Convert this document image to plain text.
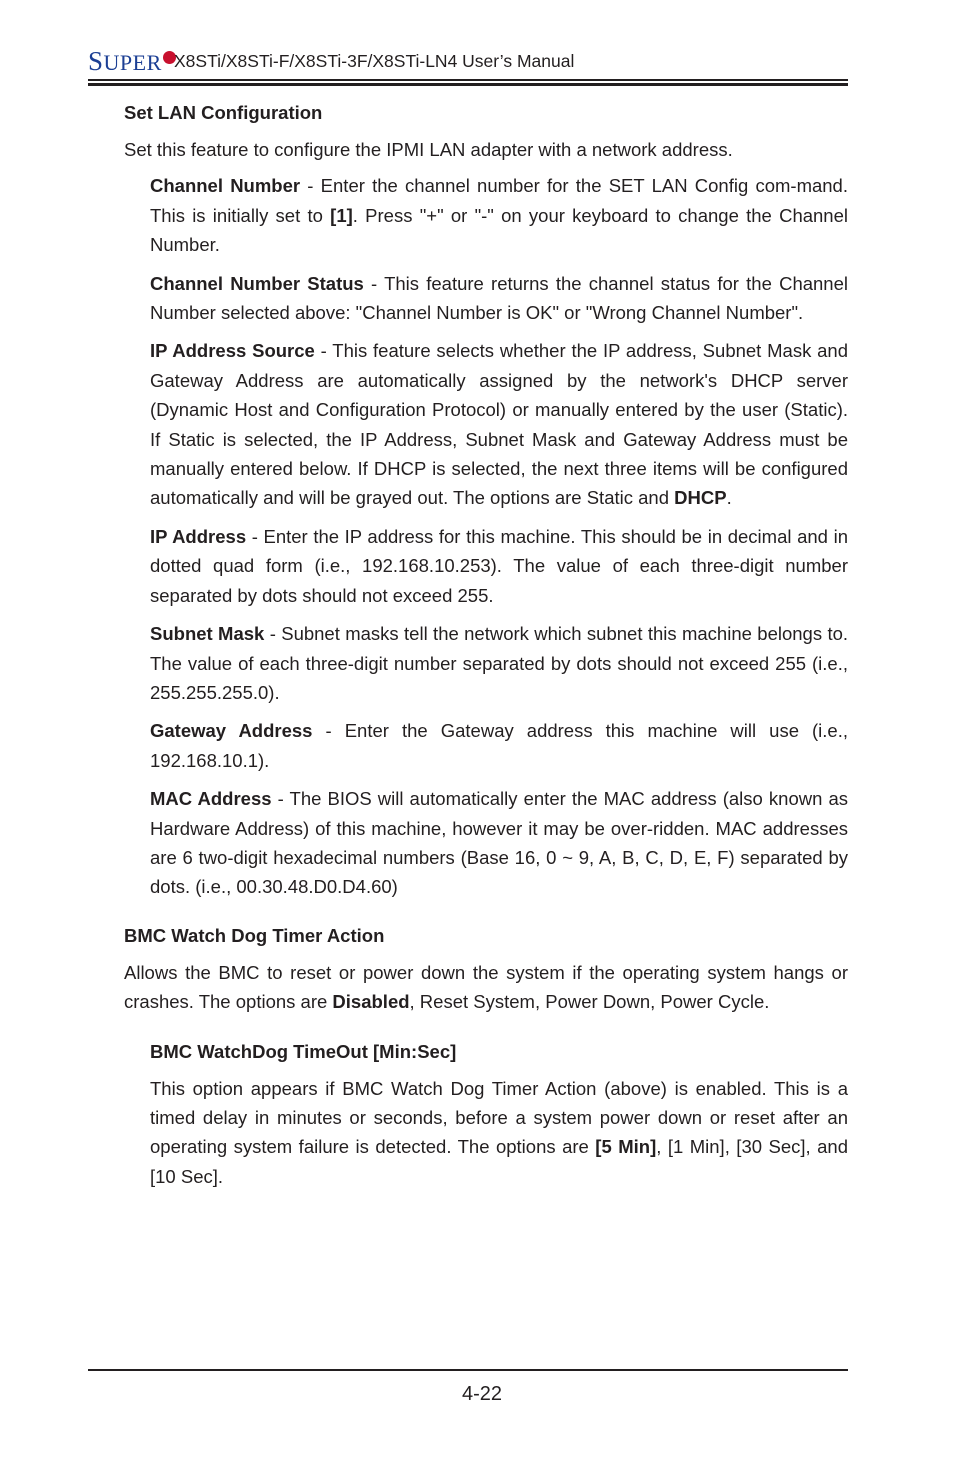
SUPER X8STi/X8STi-F/X8STi-3F/X8STi-LN4 User’s Manual

Set LAN Configuration

Set this feature to configure the IPMI LAN adapter with a network address.

Channel Number - Enter the channel number for the SET LAN Config com-mand. This is initially set to [1]. Press "+" or "-" on your keyboard to change the Channel Number.

Channel Number Status - This feature returns the channel status for the Channel Number selected above: "Channel Number is OK" or "Wrong Channel Number".

IP Address Source - This feature selects whether the IP address, Subnet Mask and Gateway Address are automatically assigned by the network's DHCP server (Dynamic Host and Configuration Protocol) or manually entered by the user (Static). If Static is selected, the IP Address, Subnet Mask and Gateway Address must be manually entered below. If DHCP is selected, the next three items will be configured automatically and will be grayed out. The options are Static and DHCP.

IP Address - Enter the IP address for this machine. This should be in decimal and in dotted quad form (i.e., 192.168.10.253). The value of each three-digit number separated by dots should not exceed 255.

Subnet Mask - Subnet masks tell the network which subnet this machine belongs to. The value of each three-digit number separated by dots should not exceed 255 (i.e., 255.255.255.0).

Gateway Address - Enter the Gateway address this machine will use (i.e., 192.168.10.1).

MAC Address - The BIOS will automatically enter the MAC address (also known as Hardware Address) of this machine, however it may be over-ridden. MAC addresses are 6 two-digit hexadecimal numbers (Base 16, 0 ~ 9, A, B, C, D, E, F) separated by dots. (i.e., 00.30.48.D0.D4.60)

BMC Watch Dog Timer Action

Allows the BMC to reset or power down the system if the operating system hangs or crashes. The options are Disabled, Reset System, Power Down, Power Cycle.

BMC WatchDog TimeOut [Min:Sec]

This option appears if BMC Watch Dog Timer Action (above) is enabled. This is a timed delay in minutes or seconds, before a system power down or reset after an operating system failure is detected. The options are [5 Min], [1 Min], [30 Sec], and [10 Sec].

4-22
